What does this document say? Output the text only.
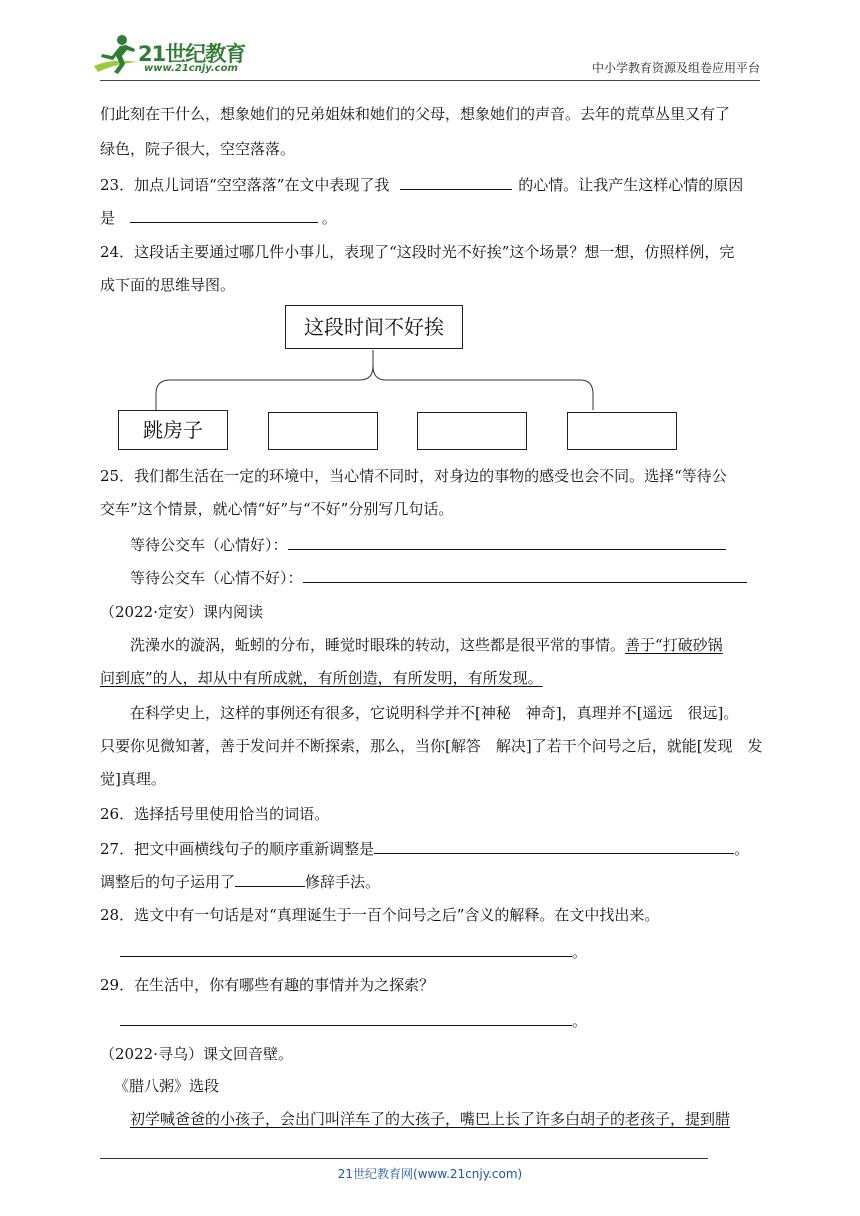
21世纪教育
www.21cnjy.com	中小学教育资源及组卷应用平台
们此刻在干什么，想象她们的兄弟姐妹和她们的父母，想象她们的声音。去年的荒草丛里又有了
绿色，院子很大，空空落落。
23．加点儿词语“空空落落”在文中表现了我	的心情。让我产生这样心情的原因
是	。
24．这段话主要通过哪几件小事儿，表现了“这段时光不好挨”这个场景？想一想，仿照样例，完
成下面的思维导图。
这段时间不好挨
跳房子
25．我们都生活在一定的环境中，当心情不同时，对身边的事物的感受也会不同。选择“等待公
交车”这个情景，就心情“好”与“不好”分别写几句话。
等待公交车（心情好）：
等待公交车（心情不好）：
（2022·定安）课内阅读
洗澡水的漩涡，蚯蚓的分布，睡觉时眼珠的转动，这些都是很平常的事情。善于“打破砂锅
问到底”的人，却从中有所成就，有所创造，有所发明，有所发现。
在科学史上，这样的事例还有很多，它说明科学并不[神秘　神奇]，真理并不[遥远　很远]。
只要你见微知著，善于发问并不断探索，那么，当你[解答　解决]了若干个问号之后，就能[发现　发
觉]真理。
26．选择括号里使用恰当的词语。
27．把文中画横线句子的顺序重新调整是	。
调整后的句子运用了	修辞手法。
28．选文中有一句话是对“真理诞生于一百个问号之后”含义的解释。在文中找出来。
。
29．在生活中，你有哪些有趣的事情并为之探索？
。
（2022·寻乌）课文回音壁。
《腊八粥》选段
初学喊爸爸的小孩子，会出门叫洋车了的大孩子，嘴巴上长了许多白胡子的老孩子，提到腊
21世纪教育网(www.21cnjy.com)
